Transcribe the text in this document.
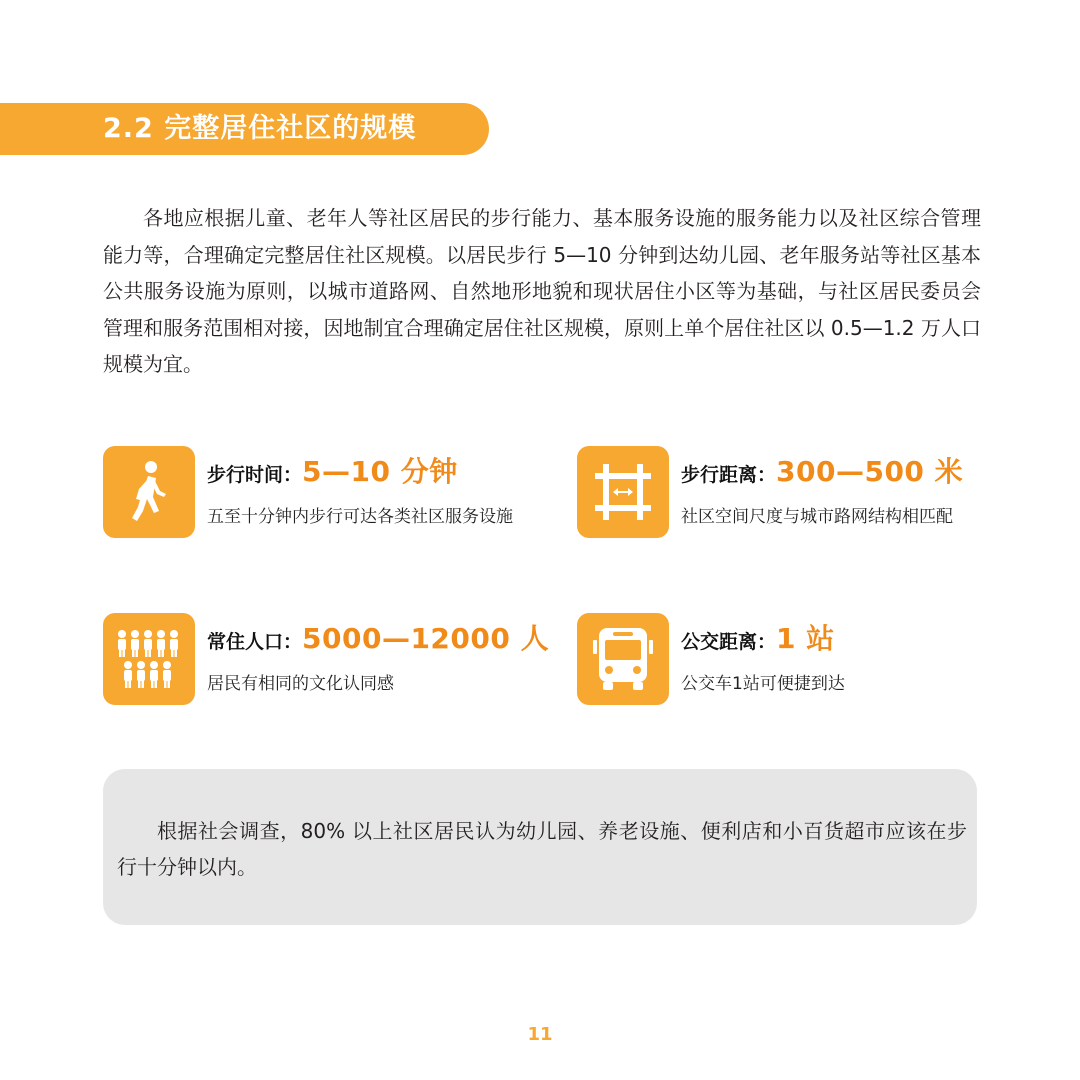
2.2 完整居住社区的规模

各地应根据儿童、老年人等社区居民的步行能力、基本服务设施的服务能力以及社区综合管理能力等，合理确定完整居住社区规模。以居民步行 5—10 分钟到达幼儿园、老年服务站等社区基本公共服务设施为原则，以城市道路网、自然地形地貌和现状居住小区等为基础，与社区居民委员会管理和服务范围相对接，因地制宜合理确定居住社区规模，原则上单个居住社区以 0.5—1.2 万人口规模为宜。

步行时间：5—10 分钟
五至十分钟内步行可达各类社区服务设施
步行距离：300—500 米
社区空间尺度与城市路网结构相匹配
常住人口：5000—12000 人
居民有相同的文化认同感
公交距离：1 站
公交车1站可便捷到达

根据社会调查，80% 以上社区居民认为幼儿园、养老设施、便利店和小百货超市应该在步行十分钟以内。

11
